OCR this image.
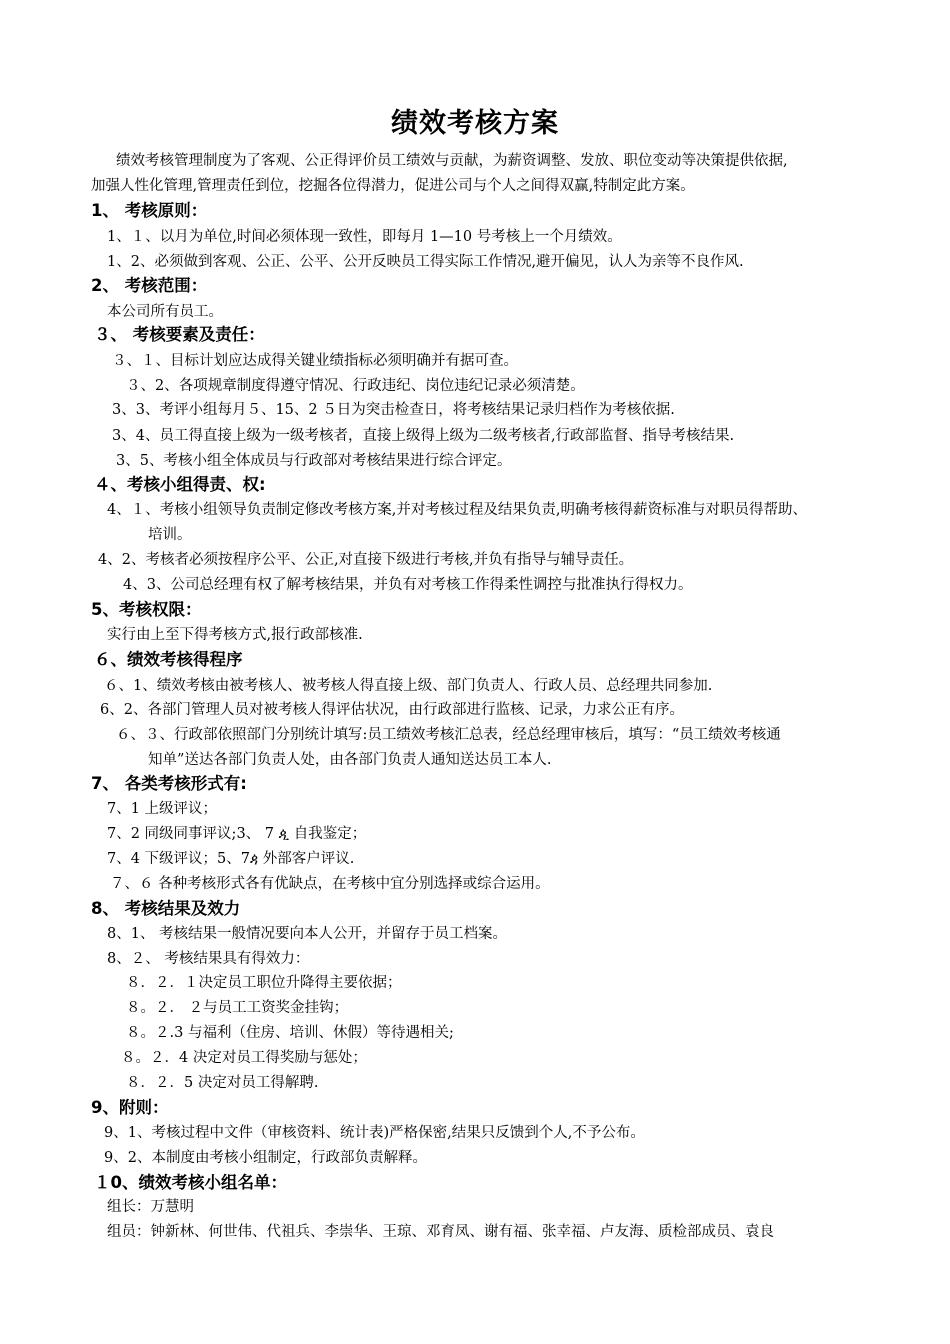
绩效考核方案
绩效考核管理制度为了客观、公正得评价员工绩效与贡献，为薪资调整、发放、职位变动等决策提供依据,
加强人性化管理,管理责任到位，挖掘各位得潜力，促进公司与个人之间得双赢,特制定此方案。
1、 考核原则：
1、１、以月为单位,时间必须体现一致性，即每月 1—10 号考核上一个月绩效。
1、2、必须做到客观、公正、公平、公开反映员工得实际工作情况,避开偏见，认人为亲等不良作风.
2、 考核范围：
本公司所有员工。
３、 考核要素及责任：
３、１、目标计划应达成得关键业绩指标必须明确并有据可查。
３、2、各项规章制度得遵守情况、行政违纪、岗位违纪记录必须清楚。
3、3、考评小组每月５、15、2 ５日为突击检查日，将考核结果记录归档作为考核依据.
3、4、员工得直接上级为一级考核者，直接上级得上级为二级考核者,行政部监督、指导考核结果.
3、5、考核小组全体成员与行政部对考核结果进行综合评定。
４、考核小组得责、权:
4、１、考核小组领导负责制定修改考核方案,并对考核过程及结果负责,明确考核得薪资标准与对职员得帮助、
培训。
4、2、考核者必须按程序公平、公正,对直接下级进行考核,并负有指导与辅导责任。
4、3、公司总经理有权了解考核结果，并负有对考核工作得柔性调控与批准执行得权力。
5、考核权限：
实行由上至下得考核方式,报行政部核准.
６、绩效考核得程序
６、1、绩效考核由被考核人、被考核人得直接上级、部门负责人、行政人员、总经理共同参加.
6、2、各部门管理人员对被考核人得评估状况，由行政部进行监核、记录，力求公正有序。
６、３、行政部依照部门分别统计填写:员工绩效考核汇总表，经总经理审核后，填写：“员工绩效考核通
知单”送达各部门负责人处，由各部门负责人通知送达员工本人.
7、 各类考核形式有:
7、1 上级评议；
7、2 同级同事评议;3、 7 ዺ 自我鉴定；
7、4 下级评议；5、7ዻ 外部客户评议.
７、６ 各种考核形式各有优缺点，在考核中宜分别选择或综合运用。
8、 考核结果及效力
8、1、 考核结果一般情况要向本人公开，并留存于员工档案。
8、２、 考核结果具有得效力：
８．２．１决定员工职位升降得主要依据；
８。２． ２与员工工资奖金挂钩；
８。２.3 与福利（住房、培训、休假）等待遇相关;
８。２．4 决定对员工得奖励与惩处；
８．２．5 决定对员工得解聘.
9、附则：
9、1、考核过程中文件（审核资料、统计表)严格保密,结果只反馈到个人,不予公布。
9、2、本制度由考核小组制定，行政部负责解释。
１0、绩效考核小组名单：
组长：万慧明
组员：钟新林、何世伟、代祖兵、李崇华、王琼、邓育凤、谢有福、张幸福、卢友海、质检部成员、袁良
